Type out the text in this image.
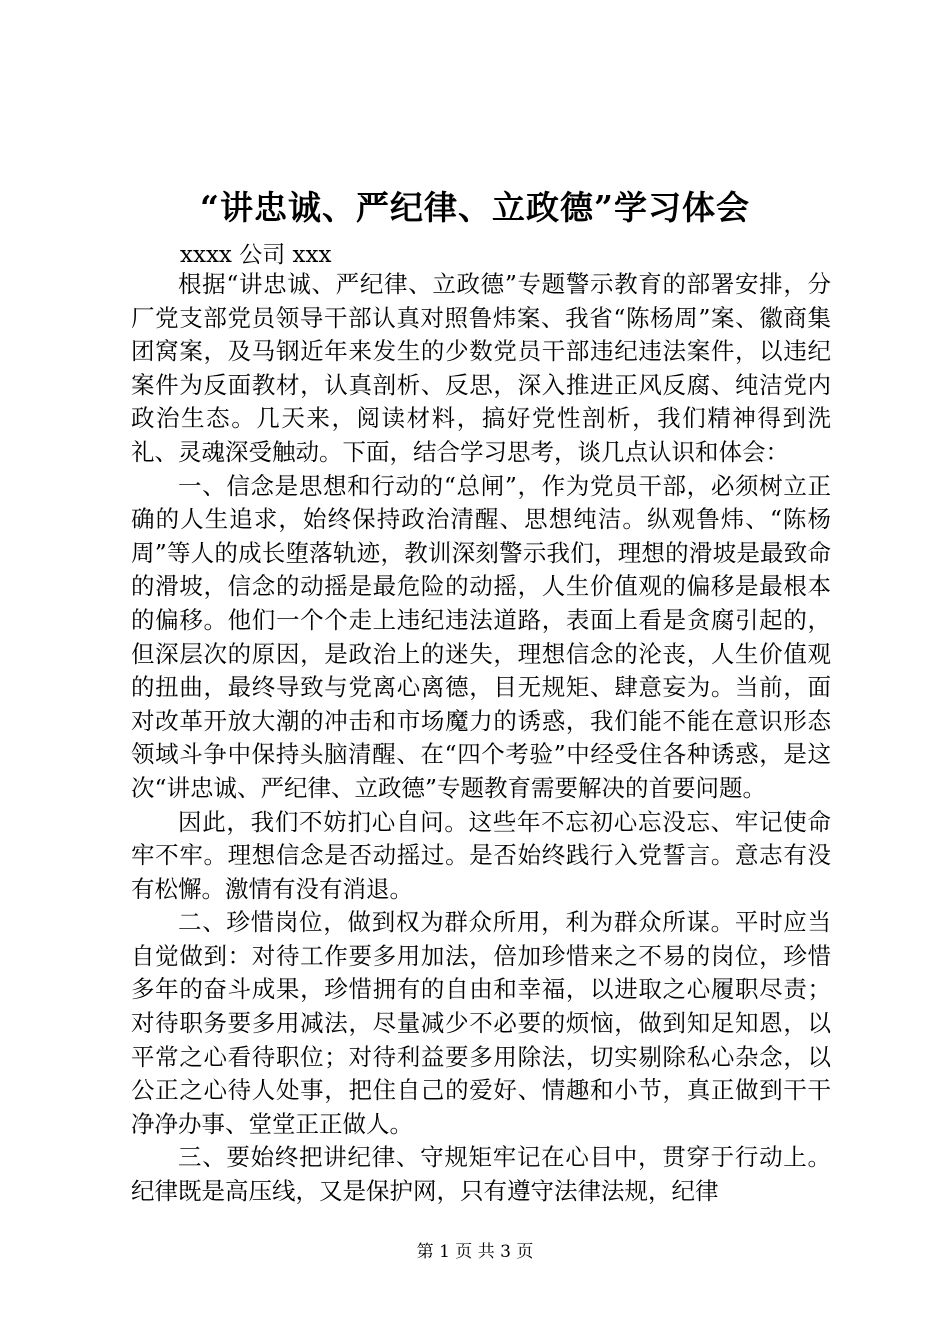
“讲忠诚、严纪律、立政德”学习体会
xxxx 公司 xxx

根据“讲忠诚、严纪律、立政德”专题警示教育的部署安排，分厂党支部党员领导干部认真对照鲁炜案、我省“陈杨周”案、徽商集团窝案，及马钢近年来发生的少数党员干部违纪违法案件，以违纪案件为反面教材，认真剖析、反思，深入推进正风反腐、纯洁党内政治生态。几天来，阅读材料，搞好党性剖析，我们精神得到洗礼、灵魂深受触动。下面，结合学习思考，谈几点认识和体会：

一、信念是思想和行动的“总闸”，作为党员干部，必须树立正确的人生追求，始终保持政治清醒、思想纯洁。纵观鲁炜、“陈杨周”等人的成长堕落轨迹，教训深刻警示我们，理想的滑坡是最致命的滑坡，信念的动摇是最危险的动摇，人生价值观的偏移是最根本的偏移。他们一个个走上违纪违法道路，表面上看是贪腐引起的，但深层次的原因，是政治上的迷失，理想信念的沦丧，人生价值观的扭曲，最终导致与党离心离德，目无规矩、肆意妄为。当前，面对改革开放大潮的冲击和市场魔力的诱惑，我们能不能在意识形态领域斗争中保持头脑清醒、在“四个考验”中经受住各种诱惑，是这次“讲忠诚、严纪律、立政德”专题教育需要解决的首要问题。

因此，我们不妨扪心自问。这些年不忘初心忘没忘、牢记使命牢不牢。理想信念是否动摇过。是否始终践行入党誓言。意志有没有松懈。激情有没有消退。

二、珍惜岗位，做到权为群众所用，利为群众所谋。平时应当自觉做到：对待工作要多用加法，倍加珍惜来之不易的岗位，珍惜多年的奋斗成果，珍惜拥有的自由和幸福，以进取之心履职尽责；对待职务要多用减法，尽量减少不必要的烦恼，做到知足知恩，以平常之心看待职位；对待利益要多用除法，切实剔除私心杂念，以公正之心待人处事，把住自己的爱好、情趣和小节，真正做到干干净净办事、堂堂正正做人。

三、要始终把讲纪律、守规矩牢记在心目中，贯穿于行动上。纪律既是高压线，又是保护网，只有遵守法律法规，纪律

第 1 页 共 3 页
